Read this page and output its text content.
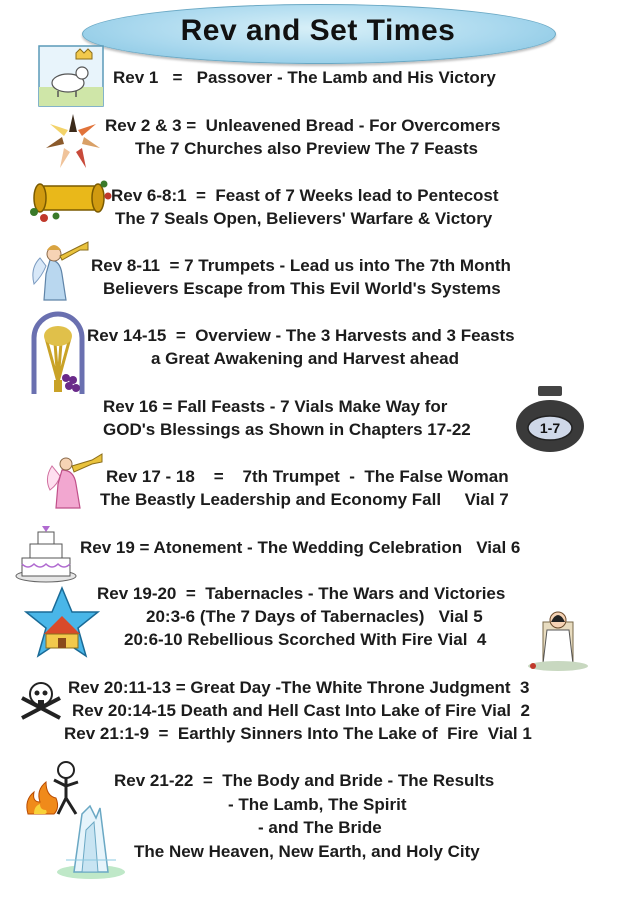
Rev and Set Times
Rev 1   =   Passover - The Lamb and His Victory
Rev 2 & 3 =  Unleavened Bread - For Overcomers
The 7 Churches also Preview The 7 Feasts
Rev 6-8:1  =  Feast of 7 Weeks lead to Pentecost
The 7 Seals Open, Believers' Warfare & Victory
Rev 8-11  = 7 Trumpets - Lead us into The 7th Month
Believers Escape from This Evil World's Systems
Rev 14-15  =  Overview - The 3 Harvests and 3 Feasts
a Great Awakening and Harvest ahead
Rev 16 = Fall Feasts - 7 Vials Make Way for
GOD's Blessings as Shown in Chapters 17-22
Rev 17 - 18    =    7th Trumpet  -  The False Woman
The Beastly Leadership and Economy Fall     Vial 7
Rev 19 = Atonement - The Wedding Celebration   Vial 6
Rev 19-20  =  Tabernacles - The Wars and Victories
20:3-6 (The 7 Days of Tabernacles)   Vial 5
20:6-10 Rebellious Scorched With Fire Vial  4
Rev 20:11-13 = Great Day -The White Throne Judgment  3
Rev 20:14-15 Death and Hell Cast Into Lake of Fire Vial  2
Rev 21:1-9  =  Earthly Sinners Into The Lake of  Fire  Vial 1
Rev 21-22  =  The Body and Bride - The Results
- The Lamb, The Spirit
- and The Bride
The New Heaven, New Earth, and Holy City
1-7
